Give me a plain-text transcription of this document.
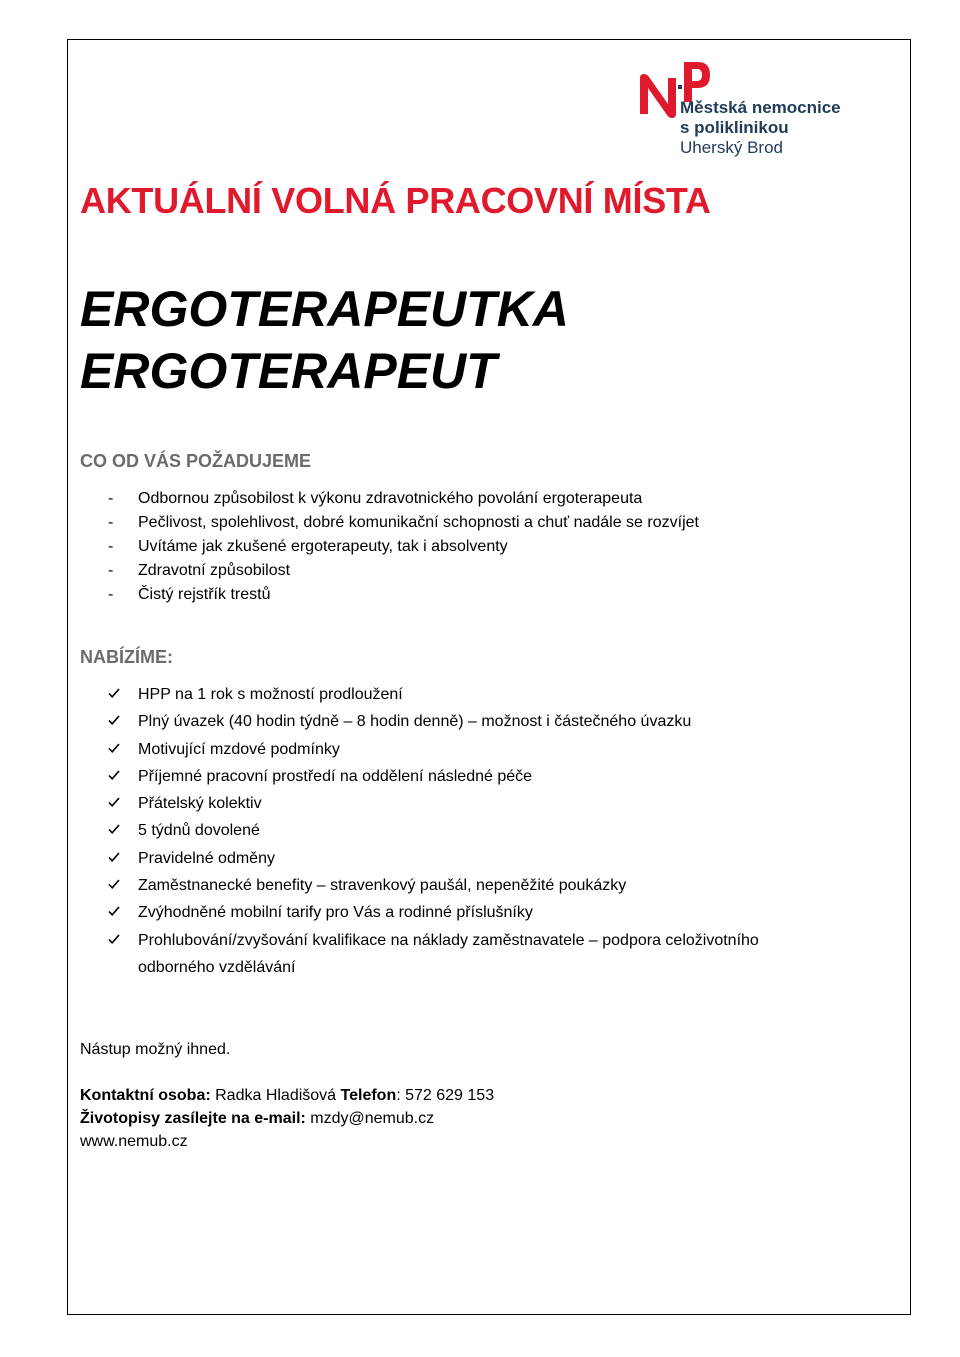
Městská nemocnice
s poliklinikou
Uherský Brod
AKTUÁLNÍ VOLNÁ PRACOVNÍ MÍSTA
ERGOTERAPEUTKA
ERGOTERAPEUT
CO OD VÁS POŽADUJEME
- Odbornou způsobilost k výkonu zdravotnického povolání ergoterapeuta
- Pečlivost, spolehlivost, dobré komunikační schopnosti a chuť nadále se rozvíjet
- Uvítáme jak zkušené ergoterapeuty, tak i absolventy
- Zdravotní způsobilost
- Čistý rejstřík trestů
NABÍZÍME:
HPP na 1 rok s možností prodloužení
Plný úvazek (40 hodin týdně – 8 hodin denně) – možnost i částečného úvazku
Motivující mzdové podmínky
Příjemné pracovní prostředí na oddělení následné péče
Přátelský kolektiv
5 týdnů dovolené
Pravidelné odměny
Zaměstnanecké benefity – stravenkový paušál, nepeněžité poukázky
Zvýhodněné mobilní tarify pro Vás a rodinné příslušníky
Prohlubování/zvyšování kvalifikace na náklady zaměstnavatele – podpora celoživotního odborného vzdělávání

Nástup možný ihned.

Kontaktní osoba: Radka Hladišová Telefon: 572 629 153
Životopisy zasílejte na e-mail: mzdy@nemub.cz
www.nemub.cz
